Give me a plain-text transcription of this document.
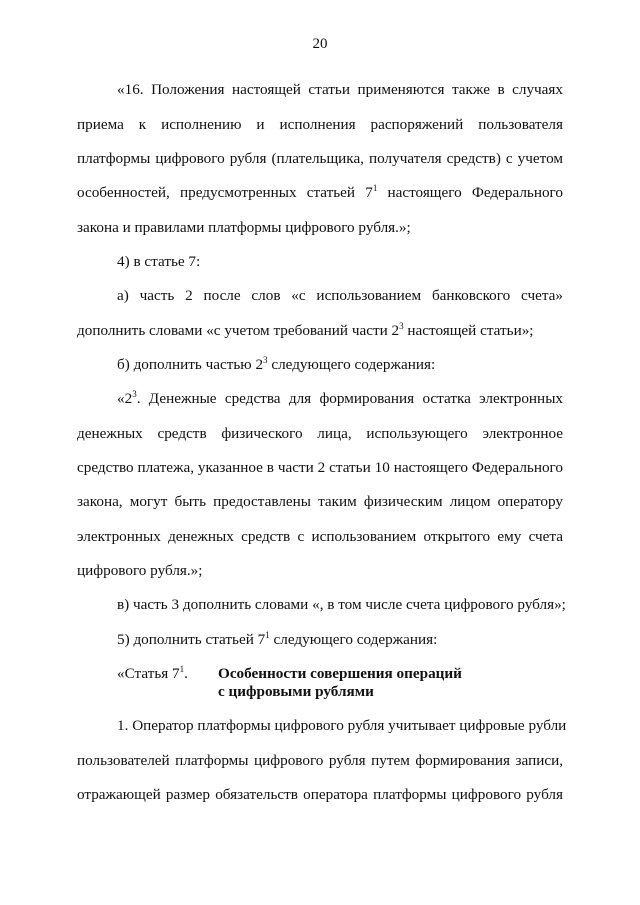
20
«16. Положения настоящей статьи применяются также в случаях
приема к исполнению и исполнения распоряжений пользователя
платформы цифрового рубля (плательщика, получателя средств) с учетом
особенностей, предусмотренных статьей $7^1$ настоящего Федерального
закона и правилами платформы цифрового рубля.»;
4) в статье 7:
а) часть 2 после слов «с использованием банковского счета»
дополнить словами «с учетом требований части $2^3$ настоящей статьи»;
б) дополнить частью $2^3$ следующего содержания:
«$2^3$. Денежные средства для формирования остатка электронных
денежных средств физического лица, использующего электронное
средство платежа, указанное в части 2 статьи 10 настоящего Федерального
закона, могут быть предоставлены таким физическим лицом оператору
электронных денежных средств с использованием открытого ему счета
цифрового рубля.»;
в) часть 3 дополнить словами «, в том числе счета цифрового рубля»;
5) дополнить статьей $7^1$ следующего содержания:
«Статья $7^1$. Особенности совершения операций
с цифровыми рублями
1. Оператор платформы цифрового рубля учитывает цифровые рубли
пользователей платформы цифрового рубля путем формирования записи,
отражающей размер обязательств оператора платформы цифрового рубля
